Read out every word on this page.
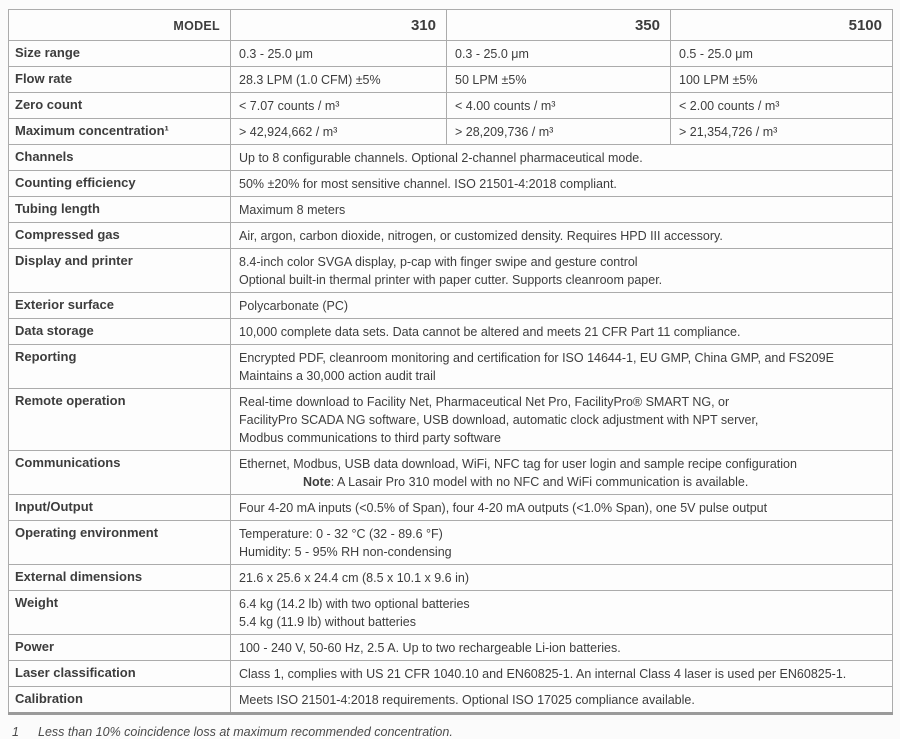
MODEL	310	350	5100
Size range	0.3 - 25.0 μm	0.3 - 25.0 μm	0.5 - 25.0 μm
Flow rate	28.3 LPM (1.0 CFM) ±5%	50 LPM ±5%	100 LPM ±5%
Zero count	< 7.07 counts / m³	< 4.00 counts / m³	< 2.00 counts / m³
Maximum concentration¹	> 42,924,662 / m³	> 28,209,736 / m³	> 21,354,726 / m³
Channels	Up to 8 configurable channels. Optional 2-channel pharmaceutical mode.		

Counting efficiency	50% ±20% for most sensitive channel. ISO 21501-4:2018 compliant.		

Tubing length	Maximum 8 meters		

Compressed gas	Air, argon, carbon dioxide, nitrogen, or customized density. Requires HPD III accessory.		

Display and printer	8.4-inch color SVGA display, p-cap with finger swipe and gesture control
Optional built-in thermal printer with paper cutter. Supports cleanroom paper.		

Exterior surface	Polycarbonate (PC)		

Data storage	10,000 complete data sets. Data cannot be altered and meets 21 CFR Part 11 compliance.		

Reporting	Encrypted PDF, cleanroom monitoring and certification for ISO 14644-1, EU GMP, China GMP, and FS209E
Maintains a 30,000 action audit trail		

Remote operation	Real-time download to Facility Net, Pharmaceutical Net Pro, FacilityPro® SMART NG, or
FacilityPro SCADA NG software, USB download, automatic clock adjustment with NPT server,
Modbus communications to third party software		

Communications	Ethernet, Modbus, USB data download, WiFi, NFC tag for user login and sample recipe configuration
Note: A Lasair Pro 310 model with no NFC and WiFi communication is available.		

Input/Output	Four 4-20 mA inputs (<0.5% of Span), four 4-20 mA outputs (<1.0% Span), one 5V pulse output		

Operating environment	Temperature: 0 - 32 °C (32 - 89.6 °F)
Humidity: 5 - 95% RH non-condensing		

External dimensions	21.6 x 25.6 x 24.4 cm (8.5 x 10.1 x 9.6 in)		

Weight	6.4 kg (14.2 lb) with two optional batteries
5.4 kg (11.9 lb) without batteries		

Power	100 - 240 V, 50-60 Hz, 2.5 A. Up to two rechargeable Li-ion batteries.		

Laser classification	Class 1, complies with US 21 CFR 1040.10 and EN60825-1. An internal Class 4 laser is used per EN60825-1.		

Calibration	Meets ISO 21501-4:2018 requirements. Optional ISO 17025 compliance available.		
1	Less than 10% coincidence loss at maximum recommended concentration.
